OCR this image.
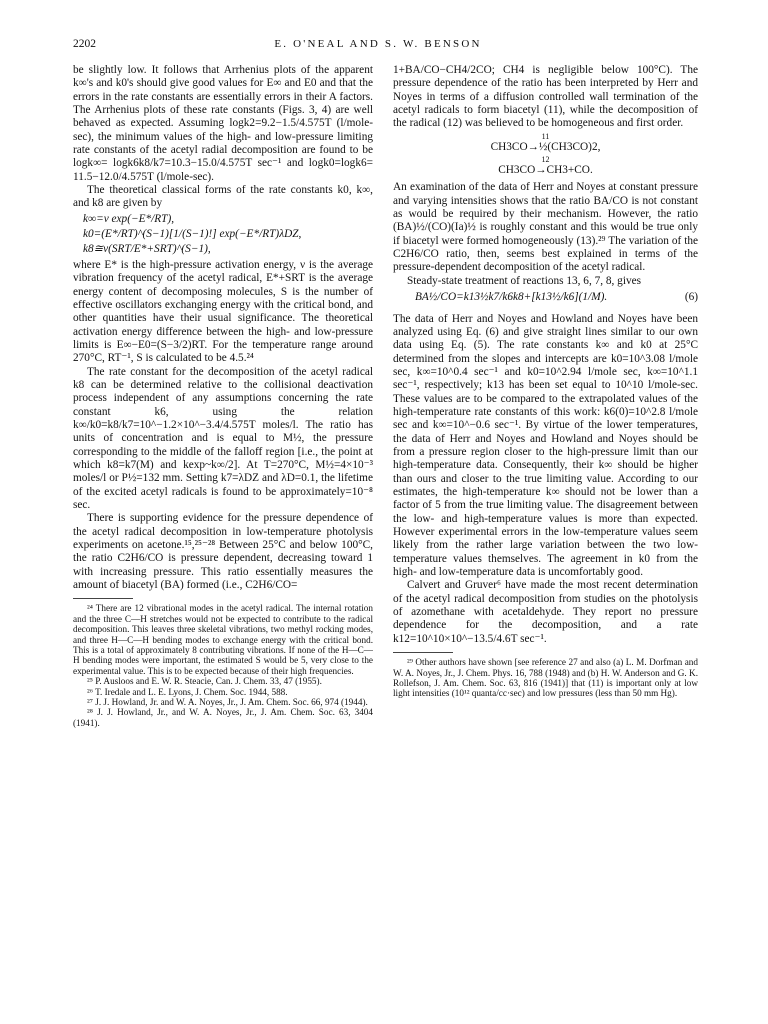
2202	E. O'NEAL AND S. W. BENSON

be slightly low. It follows that Arrhenius plots of the apparent k∞'s and k0's should give good values for E∞ and E0 and that the errors in the rate constants are essentially errors in their A factors. The Arrhenius plots of these rate constants (Figs. 3, 4) are well behaved as expected. Assuming logk2=9.2−1.5/4.575T (l/mole-sec), the minimum values of the high- and low-pressure limiting rate constants of the acetyl radial decomposition are found to be logk∞= logk6k8/k7=10.3−15.0/4.575T sec⁻¹ and logk0=logk6= 11.5−12.0/4.575T (l/mole-sec).

The theoretical classical forms of the rate constants k0, k∞, and k8 are given by

k∞=ν exp(−E*/RT),
k0=(E*/RT)^(S−1)[1/(S−1)!] exp(−E*/RT)λDZ,
k8≅ν(SRT/E*+SRT)^(S−1),

where E* is the high-pressure activation energy, ν is the average vibration frequency of the acetyl radical, E*+SRT is the average energy content of decomposing molecules, S is the number of effective oscillators exchanging energy with the critical bond, and other quantities have their usual significance. The theoretical activation energy difference between the high- and low-pressure limits is E∞−E0=(S−3/2)RT. For the temperature range around 270°C, RT⁻¹, S is calculated to be 4.5.²⁴

The rate constant for the decomposition of the acetyl radical k8 can be determined relative to the collisional deactivation process independent of any assumptions concerning the rate constant k6, using the relation k∞/k0=k8/k7=10^−1.2×10^−3.4/4.575T moles/l. The ratio has units of concentration and is equal to M½, the pressure corresponding to the middle of the falloff region [i.e., the point at which k8=k7(M) and kexp~k∞/2]. At T=270°C, M½=4×10⁻³ moles/l or P½=132 mm. Setting k7=λDZ and λD=0.1, the lifetime of the excited acetyl radicals is found to be approximately=10⁻⁸ sec.

There is supporting evidence for the pressure dependence of the acetyl radical decomposition in low-temperature photolysis experiments on acetone.¹⁵,²⁵⁻²⁸ Between 25°C and below 100°C, the ratio C2H6/CO is pressure dependent, decreasing toward 1 with increasing pressure. This ratio essentially measures the amount of biacetyl (BA) formed (i.e., C2H6/CO=

²⁴ There are 12 vibrational modes in the acetyl radical. The internal rotation and the three C—H stretches would not be expected to contribute to the radical decomposition. This leaves three skeletal vibrations, two methyl rocking modes, and three H—C—H bending modes to exchange energy with the critical bond. This is a total of approximately 8 contributing vibrations. If none of the H—C—H bending modes were important, the estimated S would be 5, very close to the experimental value. This is to be expected because of their high frequencies.

²⁵ P. Ausloos and E. W. R. Steacie, Can. J. Chem. 33, 47 (1955).

²⁶ T. Iredale and L. E. Lyons, J. Chem. Soc. 1944, 588.

²⁷ J. J. Howland, Jr. and W. A. Noyes, Jr., J. Am. Chem. Soc. 66, 974 (1944).

²⁸ J. J. Howland, Jr., and W. A. Noyes, Jr., J. Am. Chem. Soc. 63, 3404 (1941).

1+BA/CO−CH4/2CO; CH4 is negligible below 100°C). The pressure dependence of the ratio has been interpreted by Herr and Noyes in terms of a diffusion controlled wall termination of the acetyl radicals to form biacetyl (11), while the decomposition of the radical (12) was believed to be homogeneous and first order.

11
CH3CO→½(CH3CO)2,
12
CH3CO→CH3+CO.

An examination of the data of Herr and Noyes at constant pressure and varying intensities shows that the ratio BA/CO is not constant as would be required by their mechanism. However, the ratio (BA)½/(CO)(Ia)½ is roughly constant and this would be true only if biacetyl were formed homogeneously (13).²⁹ The variation of the C2H6/CO ratio, then, seems best explained in terms of the pressure-dependent decomposition of the acetyl radical.

Steady-state treatment of reactions 13, 6, 7, 8, gives

BA½/CO=k13½k7/k6k8+[k13½/k6](1/M).	(6)

The data of Herr and Noyes and Howland and Noyes have been analyzed using Eq. (6) and give straight lines similar to our own data using Eq. (5). The rate constants k∞ and k0 at 25°C determined from the slopes and intercepts are k0=10^3.08 l/mole sec, k∞=10^0.4 sec⁻¹ and k0=10^2.94 l/mole sec, k∞=10^1.1 sec⁻¹, respectively; k13 has been set equal to 10^10 l/mole-sec. These values are to be compared to the extrapolated values of the high-temperature rate constants of this work: k6(0)=10^2.8 l/mole sec and k∞=10^−0.6 sec⁻¹. By virtue of the lower temperatures, the data of Herr and Noyes and Howland and Noyes should be from a pressure region closer to the high-pressure limit than our high-temperature data. Consequently, their k∞ should be higher than ours and closer to the true limiting value. According to our estimates, the high-temperature k∞ should not be lower than a factor of 5 from the true limiting value. The disagreement between the low- and high-temperature values is more than expected. However experimental errors in the low-temperature values seem likely from the rather large variation between the two low-temperature values themselves. The agreement in k0 from the high- and low-temperature data is uncomfortably good.

Calvert and Gruver⁶ have made the most recent determination of the acetyl radical decomposition from studies on the photolysis of azomethane with acetaldehyde. They report no pressure dependence for the decomposition, and a rate k12=10^10×10^−13.5/4.6T sec⁻¹.

²⁹ Other authors have shown [see reference 27 and also (a) L. M. Dorfman and W. A. Noyes, Jr., J. Chem. Phys. 16, 788 (1948) and (b) H. W. Anderson and G. K. Rollefson, J. Am. Chem. Soc. 63, 816 (1941)] that (11) is important only at low light intensities (10¹² quanta/cc·sec) and low pressures (less than 50 mm Hg).
